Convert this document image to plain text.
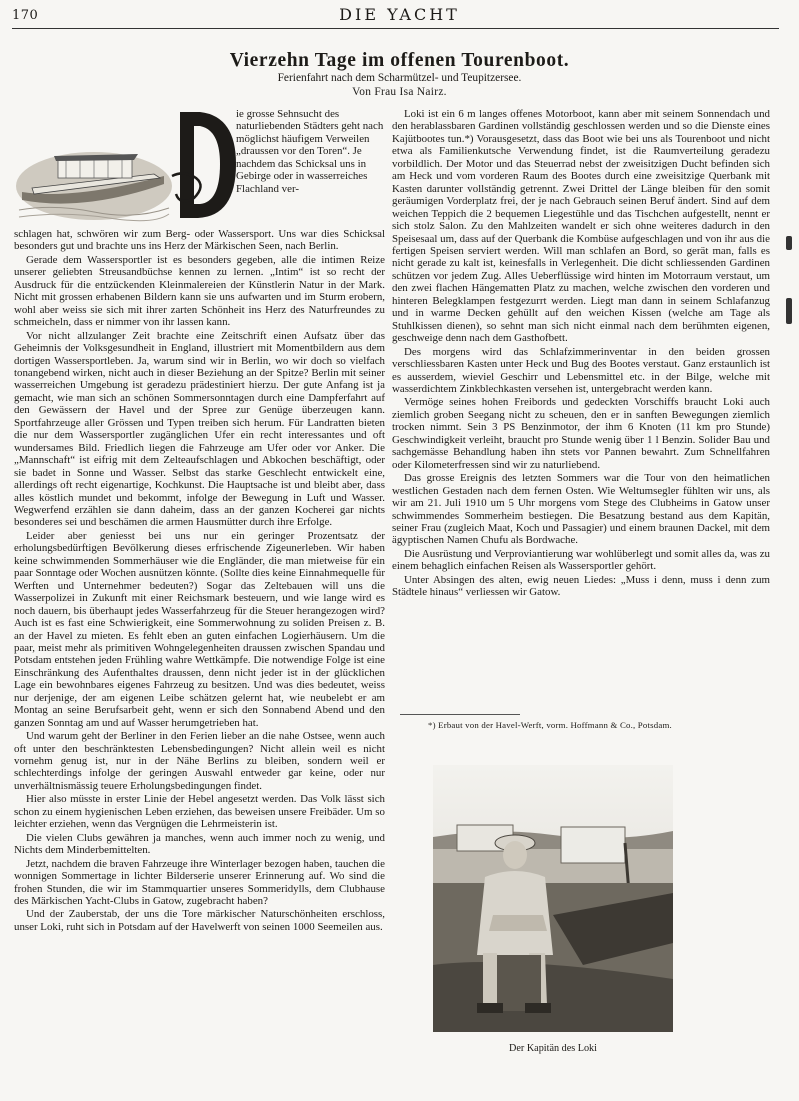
170	DIE YACHT
Vierzehn Tage im offenen Tourenboot.
Ferienfahrt nach dem Scharmützel- und Teupitzersee.
Von Frau Isa Nairz.

ie grosse Sehnsucht des naturliebenden Städters geht nach möglichst häufigem Verweilen „draussen vor den Toren“. Je nachdem das Schicksal uns in Gebirge oder in wasserreiches Flachland ver-

schlagen hat, schwören wir zum Berg- oder Wassersport. Uns war dies Schicksal besonders gut und brachte uns ins Herz der Märkischen Seen, nach Berlin.

Gerade dem Wassersportler ist es besonders gegeben, alle die intimen Reize unserer geliebten Streusandbüchse kennen zu lernen. „Intim“ ist so recht der Ausdruck für die entzückenden Kleinmalereien der Künstlerin Natur in der Mark. Nicht mit grossen erhabenen Bildern kann sie uns aufwarten und im Sturm erobern, wohl aber weiss sie sich mit ihrer zarten Schönheit ins Herz des Naturfreundes zu schmeicheln, dass er nimmer von ihr lassen kann.

Vor nicht allzulanger Zeit brachte eine Zeitschrift einen Aufsatz über das Geheimnis der Volksgesundheit in England, illustriert mit Momentbildern aus dem dortigen Wassersportleben. Ja, warum sind wir in Berlin, wo wir doch so vielfach tonangebend wirken, nicht auch in dieser Beziehung an der Spitze? Berlin mit seiner wasserreichen Umgebung ist geradezu prädestiniert hierzu. Der gute Anfang ist ja gemacht, wie man sich an schönen Sommersonntagen durch eine Dampferfahrt auf den Gewässern der Havel und der Spree zur Genüge überzeugen kann. Sportfahrzeuge aller Grössen und Typen treiben sich herum. Für Landratten bieten die nur dem Wassersportler zugänglichen Ufer ein recht interessantes und oft wundersames Bild. Friedlich liegen die Fahrzeuge am Ufer oder vor Anker. Die „Mannschaft“ ist eifrig mit dem Zelteaufschlagen und Abkochen beschäftigt, oder sie badet in Sonne und Wasser. Selbst das starke Geschlecht entwickelt eine, allerdings oft recht eigenartige, Kochkunst. Die Hauptsache ist und bleibt aber, dass alles köstlich mundet und bekommt, infolge der Bewegung in Luft und Wasser. Wegwerfend erzählen sie dann daheim, dass an der ganzen Kocherei gar nichts besonderes sei und beschämen die armen Hausmütter durch ihre Erfolge.

Leider aber geniesst bei uns nur ein geringer Prozentsatz der erholungsbedürftigen Bevölkerung dieses erfrischende Zigeunerleben. Wir haben keine schwimmenden Sommerhäuser wie die Engländer, die man mietweise für ein paar Sonntage oder Wochen ausnützen könnte. (Sollte dies keine Einnahmequelle für Werften und Unternehmer bedeuten?) Sogar das Zeltebauen will uns die Wasserpolizei in Zukunft mit einer Reichsmark besteuern, und wie lange wird es noch dauern, bis überhaupt jedes Wasserfahrzeug für die Steuer herangezogen wird? Auch ist es fast eine Schwierigkeit, eine Sommerwohnung zu soliden Preisen z. B. an der Havel zu mieten. Es fehlt eben an guten einfachen Logierhäusern. Um die paar, meist mehr als primitiven Wohngelegenheiten draussen zwischen Spandau und Potsdam entstehen jeden Frühling wahre Wettkämpfe. Die notwendige Folge ist eine Einschränkung des Aufenthaltes draussen, denn nicht jeder ist in der glücklichen Lage ein bewohnbares eigenes Fahrzeug zu besitzen. Und was dies bedeutet, weiss nur derjenige, der am eigenen Leibe schätzen gelernt hat, wie neubelebt er am Montag an seine Berufsarbeit geht, wenn er sich den Sonnabend Abend und den ganzen Sonntag am und auf Wasser herumgetrieben hat.

Und warum geht der Berliner in den Ferien lieber an die nahe Ostsee, wenn auch oft unter den beschränktesten Lebensbedingungen? Nicht allein weil es nicht vornehm genug ist, nur in der Nähe Berlins zu bleiben, sondern weil er schlechterdings infolge der geringen Auswahl entweder gar keine, oder nur unverhältnismässig teuere Erholungsbedingungen findet.

Hier also müsste in erster Linie der Hebel angesetzt werden. Das Volk lässt sich schon zu einem hygienischen Leben erziehen, das beweisen unsere Freibäder. Um so leichter erziehen, wenn das Vergnügen die Lehrmeisterin ist.

Die vielen Clubs gewähren ja manches, wenn auch immer noch zu wenig, und Nichts dem Minderbemittelten.

Jetzt, nachdem die braven Fahrzeuge ihre Winterlager bezogen haben, tauchen die wonnigen Sommertage in lichter Bilderserie unserer Erinnerung auf. Wo sind die frohen Stunden, die wir im Stammquartier unseres Sommeridylls, dem Clubhause des Märkischen Yacht-Clubs in Gatow, zugebracht haben?

Und der Zauberstab, der uns die Tore märkischer Naturschönheiten erschloss, unser Loki, ruht sich in Potsdam auf der Havelwerft von seinen 1000 Seemeilen aus.

Loki ist ein 6 m langes offenes Motorboot, kann aber mit seinem Sonnendach und den herablassbaren Gardinen vollständig geschlossen werden und so die Dienste eines Kajütbootes tun.*) Vorausgesetzt, dass das Boot wie bei uns als Tourenboot und nicht etwa als Familienkutsche Verwendung findet, ist die Raumverteilung geradezu vorbildlich. Der Motor und das Steuerrad nebst der zweisitzigen Ducht befinden sich am Heck und vom vorderen Raum des Bootes durch eine zweisitzige Querbank mit Kasten darunter vollständig getrennt. Zwei Drittel der Länge bleiben für den somit geräumigen Vorderplatz frei, der je nach Gebrauch seinen Beruf ändert. Sind auf dem weichen Teppich die 2 bequemen Liegestühle und das Tischchen aufgestellt, nennt er sich stolz Salon. Zu den Mahlzeiten wandelt er sich ohne weiteres dadurch in den Speisesaal um, dass auf der Querbank die Kombüse aufgeschlagen und von ihr aus die fertigen Speisen serviert werden. Will man schlafen an Bord, so gerät man, falls es nicht gerade zu kalt ist, keinesfalls in Verlegenheit. Die dicht schliessenden Gardinen schützen vor jedem Zug. Alles Ueberflüssige wird hinten im Motorraum verstaut, um den zwei flachen Hängematten Platz zu machen, welche zwischen den vorderen und hinteren Belegklampen festgezurrt werden. Liegt man dann in seinem Schlafanzug und in warme Decken gehüllt auf den weichen Kissen (welche am Tage als Stuhlkissen dienen), so sehnt man sich nicht einmal nach dem berühmten eigenen, geschweige denn nach dem Gasthofbett.

Des morgens wird das Schlafzimmerinventar in den beiden grossen verschliessbaren Kasten unter Heck und Bug des Bootes verstaut. Ganz erstaunlich ist es ausserdem, wieviel Geschirr und Lebensmittel etc. in der Bilge, welche mit wasserdichtem Zinkblechkasten versehen ist, untergebracht werden kann.

Vermöge seines hohen Freibords und gedeckten Vorschiffs braucht Loki auch ziemlich groben Seegang nicht zu scheuen, den er in sanften Bewegungen ziemlich trocken nimmt. Sein 3 PS Benzinmotor, der ihm 6 Knoten (11 km pro Stunde) Geschwindigkeit verleiht, braucht pro Stunde wenig über 1 l Benzin. Solider Bau und sachgemässe Behandlung haben ihn stets vor Pannen bewahrt. Zum Schnellfahren oder Kilometerfressen sind wir zu naturliebend.

Das grosse Ereignis des letzten Sommers war die Tour von den heimatlichen westlichen Gestaden nach dem fernen Osten. Wie Weltumsegler fühlten wir uns, als wir am 21. Juli 1910 um 5 Uhr morgens vom Stege des Clubheims in Gatow unser schwimmendes Sommerheim bestiegen. Die Besatzung bestand aus dem Kapitän, seiner Frau (zugleich Maat, Koch und Passagier) und einem braunen Dackel, mit dem ägyptischen Namen Chufu als Bordwache.

Die Ausrüstung und Verproviantierung war wohlüberlegt und somit alles da, was zu einem behaglich einfachen Reisen als Wassersportler gehört.

Unter Absingen des alten, ewig neuen Liedes: „Muss i denn, muss i denn zum Städtele hinaus“ verliessen wir Gatow.

*) Erbaut von der Havel-Werft, vorm. Hoffmann & Co., Potsdam.
Der Kapitän des Loki
